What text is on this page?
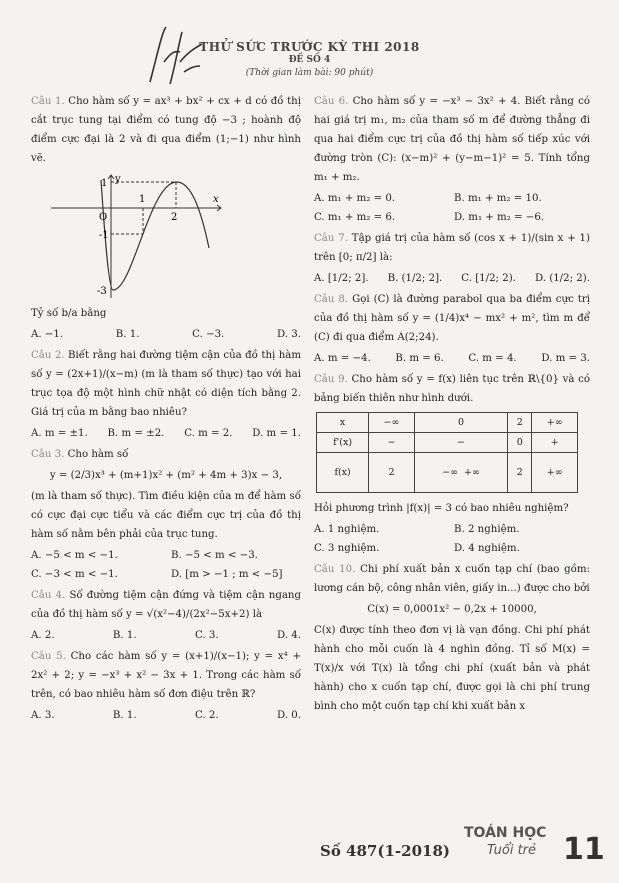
THỬ SỨC TRƯỚC KỲ THI 2018
ĐỀ SỐ 4
(Thời gian làm bài: 90 phút)

Câu 1. Cho hàm số y = ax³ + bx² + cx + d có đồ thị cắt trục tung tại điểm có tung độ −3 ; hoành độ điểm cực đại là 2 và đi qua điểm (1;−1) như hình vẽ.

y
x
O
1
1
2
-1
-3

Tỷ số b/a bằng

A. −1.	B. 1.	C. −3.	D. 3.

Câu 2. Biết rằng hai đường tiệm cận của đồ thị hàm số y = (2x+1)/(x−m) (m là tham số thực) tạo với hai trục tọa độ một hình chữ nhật có diện tích bằng 2. Giá trị của m bằng bao nhiêu?

A. m = ±1. B. m = ±2. C. m = 2. D. m = 1.

Câu 3. Cho hàm số

y = (2/3)x³ + (m+1)x² + (m² + 4m + 3)x − 3,

(m là tham số thực). Tìm điều kiện của m để hàm số có cực đại cực tiểu và các điểm cực trị của đồ thị hàm số nằm bên phải của trục tung.

A. −5 < m < −1.	B. −5 < m < −3.
C. −3 < m < −1.	D. [m > −1 ; m < −5]

Câu 4. Số đường tiệm cận đứng và tiệm cận ngang của đồ thị hàm số y = √(x²−4)/(2x²−5x+2) là

A. 2.	B. 1.	C. 3.	D. 4.

Câu 5. Cho các hàm số y = (x+1)/(x−1); y = x⁴ + 2x² + 2; y = −x³ + x² − 3x + 1. Trong các hàm số trên, có bao nhiêu hàm số đơn điệu trên ℝ?

A. 3.	B. 1.	C. 2.	D. 0.

Câu 6. Cho hàm số y = −x³ − 3x² + 4. Biết rằng có hai giá trị m₁, m₂ của tham số m để đường thẳng đi qua hai điểm cực trị của đồ thị hàm số tiếp xúc với đường tròn (C): (x−m)² + (y−m−1)² = 5. Tính tổng m₁ + m₂.

A. m₁ + m₂ = 0.	B. m₁ + m₂ = 10.
C. m₁ + m₂ = 6.	D. m₁ + m₂ = −6.

Câu 7. Tập giá trị của hàm số (cos x + 1)/(sin x + 1) trên [0; π/2] là:

A. [1/2; 2]. B. (1/2; 2]. C. [1/2; 2). D. (1/2; 2).

Câu 8. Gọi (C) là đường parabol qua ba điểm cực trị của đồ thị hàm số y = (1/4)x⁴ − mx² + m², tìm m để (C) đi qua điểm A(2;24).

A. m = −4. B. m = 6. C. m = 4. D. m = 3.

Câu 9. Cho hàm số y = f(x) liên tục trên ℝ\{0} và có bảng biến thiên như hình dưới.

x	−∞	0	2	+∞
f'(x)	−	−	0	+
f(x)	2	−∞ +∞	2	+∞

Hỏi phương trình |f(x)| = 3 có bao nhiêu nghiệm?

A. 1 nghiệm.	B. 2 nghiệm.
C. 3 nghiệm.	D. 4 nghiệm.

Câu 10. Chi phí xuất bản x cuốn tạp chí (bao gồm: lương cán bộ, công nhân viên, giấy in...) được cho bởi

C(x) = 0,0001x² − 0,2x + 10000,

C(x) được tính theo đơn vị là vạn đồng. Chi phí phát hành cho mỗi cuốn là 4 nghìn đồng. Tỉ số M(x) = T(x)/x với T(x) là tổng chi phí (xuất bản và phát hành) cho x cuốn tạp chí, được gọi là chi phí trung bình cho một cuốn tạp chí khi xuất bản x

Số 487(1-2018)
TOÁN HỌC
Tuổi trẻ 11
